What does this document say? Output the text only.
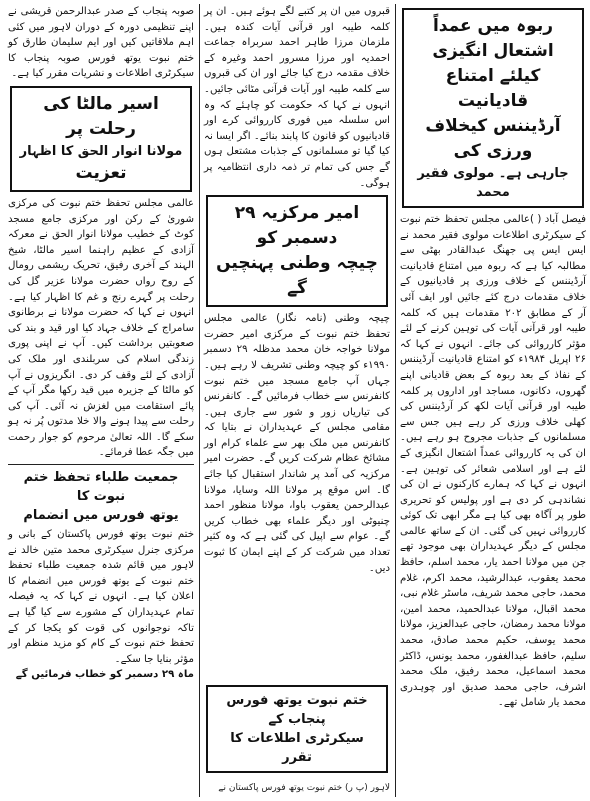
ربوہ میں عمداً اشتعال انگیزی

کیلئے امتناع قادیانیت

آرڈیننس کیخلاف ورزی کی

جارہی ہے۔ مولوی فقیر محمد

فیصل آباد ( )عالمی مجلس تحفظ ختم نبوت کے سیکرٹری اطلاعات مولوی فقیر محمد نے ایس ایس پی جھنگ عبدالقادر بھٹی سے مطالبہ کیا ہے کہ ربوہ میں امتناع قادیانیت آرڈیننس کے خلاف ورزی پر قادیانیوں کے خلاف مقدمات درج کئے جائیں اور ایف آئی آر کے مطابق ۲۰۲ مقدمات ہیں کہ کلمہ طیبہ اور قرآنی آیات کی توہین کرنے کے لئے مؤثر کارروائی کی جائے۔ انہوں نے کہا کہ ۲۶ اپریل ۱۹۸۴ء کو امتناع قادیانیت آرڈیننس کے نفاذ کے بعد ربوہ کے بعض قادیانی اپنے گھروں، دکانوں، مساجد اور اداروں پر کلمہ طیبہ اور قرآنی آیات لکھ کر آرڈیننس کی کھلی خلاف ورزی کر رہے ہیں جس سے مسلمانوں کے جذبات مجروح ہو رہے ہیں۔ ان کی یہ کارروائی عمداً اشتعال انگیزی کے لئے ہے اور اسلامی شعائر کی توہین ہے۔ انہوں نے کہا کہ ہمارے کارکنوں نے ان کی نشاندہی کر دی ہے اور پولیس کو تحریری طور پر آگاہ بھی کیا ہے مگر ابھی تک کوئی کارروائی نہیں کی گئی۔ ان کے ساتھ عالمی مجلس کے دیگر عہدیداران بھی موجود تھے جن میں مولانا احمد یار، محمد اسلم، حافظ محمد یعقوب، عبدالرشید، محمد اکرم، غلام محمد، حاجی محمد شریف، ماسٹر غلام نبی، محمد اقبال، مولانا عبدالحمید، محمد امین، مولانا محمد رمضان، حاجی عبدالعزیز، مولانا محمد یوسف، حکیم محمد صادق، محمد سلیم، حافظ عبدالغفور، محمد یونس، ڈاکٹر محمد اسماعیل، محمد رفیق، ملک محمد اشرف، حاجی محمد صدیق اور چوہدری محمد یار شامل تھے۔

قبروں میں ان پر کتبے لگے ہوئے ہیں۔ ان پر کلمہ طیبہ اور قرآنی آیات کندہ ہیں۔ ملزمان مرزا طاہر احمد سربراہ جماعت احمدیہ اور مرزا مسرور احمد وغیرہ کے خلاف مقدمہ درج کیا جائے اور ان کی قبروں سے کلمہ طیبہ اور آیات قرآنی مٹائی جائیں۔ انہوں نے کہا کہ حکومت کو چاہئے کہ وہ اس سلسلہ میں فوری کارروائی کرے اور قادیانیوں کو قانون کا پابند بنائے۔ اگر ایسا نہ کیا گیا تو مسلمانوں کے جذبات مشتعل ہوں گے جس کی تمام تر ذمہ داری انتظامیہ پر ہوگی۔

امیر مرکزیہ ۲۹ دسمبر کو

چیچہ وطنی پہنچیں گے

چیچہ وطنی (نامہ نگار) عالمی مجلس تحفظ ختم نبوت کے مرکزی امیر حضرت مولانا خواجہ خان محمد مدظلہ ۲۹ دسمبر ۱۹۹۰ء کو چیچہ وطنی تشریف لا رہے ہیں۔ جہاں آپ جامع مسجد میں ختم نبوت کانفرنس سے خطاب فرمائیں گے۔ کانفرنس کی تیاریاں زور و شور سے جاری ہیں۔ مقامی مجلس کے عہدیداران نے بتایا کہ کانفرنس میں ملک بھر سے علماء کرام اور مشائخ عظام شرکت کریں گے۔ حضرت امیر مرکزیہ کی آمد پر شاندار استقبال کیا جائے گا۔ اس موقع پر مولانا اللہ وسایا، مولانا عبدالرحمن یعقوب باوا، مولانا منظور احمد چنیوٹی اور دیگر علماء بھی خطاب کریں گے۔ عوام سے اپیل کی گئی ہے کہ وہ کثیر تعداد میں شرکت کر کے اپنے ایمان کا ثبوت دیں۔

ختم نبوت یوتھ فورس پنجاب کے

سیکرٹری اطلاعات کا تقرر

لاہور (پ ر) ختم نبوت یوتھ فورس پاکستان نے

صوبہ پنجاب کے صدر عبدالرحمن قریشی نے اپنے تنظیمی دورہ کے دوران لاہور میں کئی اہم ملاقاتیں کیں اور ایم سلیمان طارق کو ختم نبوت یوتھ فورس صوبہ پنجاب کا سیکرٹری اطلاعات و نشریات مقرر کیا ہے۔

اسیر مالٹا کی رحلت پر

مولانا انوار الحق کا اظہار

تعزیت

عالمی مجلس تحفظ ختم نبوت کی مرکزی شوریٰ کے رکن اور مرکزی جامع مسجد کوٹ کے خطیب مولانا انوار الحق نے معرکہ آزادی کے عظیم راہنما اسیر مالٹا، شیخ الہند کے آخری رفیق، تحریک ریشمی رومال کے روح رواں حضرت مولانا عزیر گل کی رحلت پر گہرے رنج و غم کا اظہار کیا ہے۔ انہوں نے کہا کہ حضرت مولانا نے برطانوی سامراج کے خلاف جہاد کیا اور قید و بند کی صعوبتیں برداشت کیں۔ آپ نے اپنی پوری زندگی اسلام کی سربلندی اور ملک کی آزادی کے لئے وقف کر دی۔ انگریزوں نے آپ کو مالٹا کے جزیرہ میں قید رکھا مگر آپ کے پائے استقامت میں لغزش نہ آئی۔ آپ کی رحلت سے پیدا ہونے والا خلا مدتوں پُر نہ ہو سکے گا۔ اللہ تعالیٰ مرحوم کو جوار رحمت میں جگہ عطا فرمائے۔

جمعیت طلباء تحفظ ختم نبوت کا

یوتھ فورس میں انضمام

ختم نبوت یوتھ فورس پاکستان کے بانی و مرکزی جنرل سیکرٹری محمد متین خالد نے لاہور میں قائم شدہ جمعیت طلباء تحفظ ختم نبوت کے یوتھ فورس میں انضمام کا اعلان کیا ہے۔ انہوں نے کہا کہ یہ فیصلہ تمام عہدیداران کے مشورے سے کیا گیا ہے تاکہ نوجوانوں کی قوت کو یکجا کر کے تحفظ ختم نبوت کے کام کو مزید منظم اور مؤثر بنایا جا سکے۔

ماہ ۲۹ دسمبر کو خطاب فرمائیں گے
